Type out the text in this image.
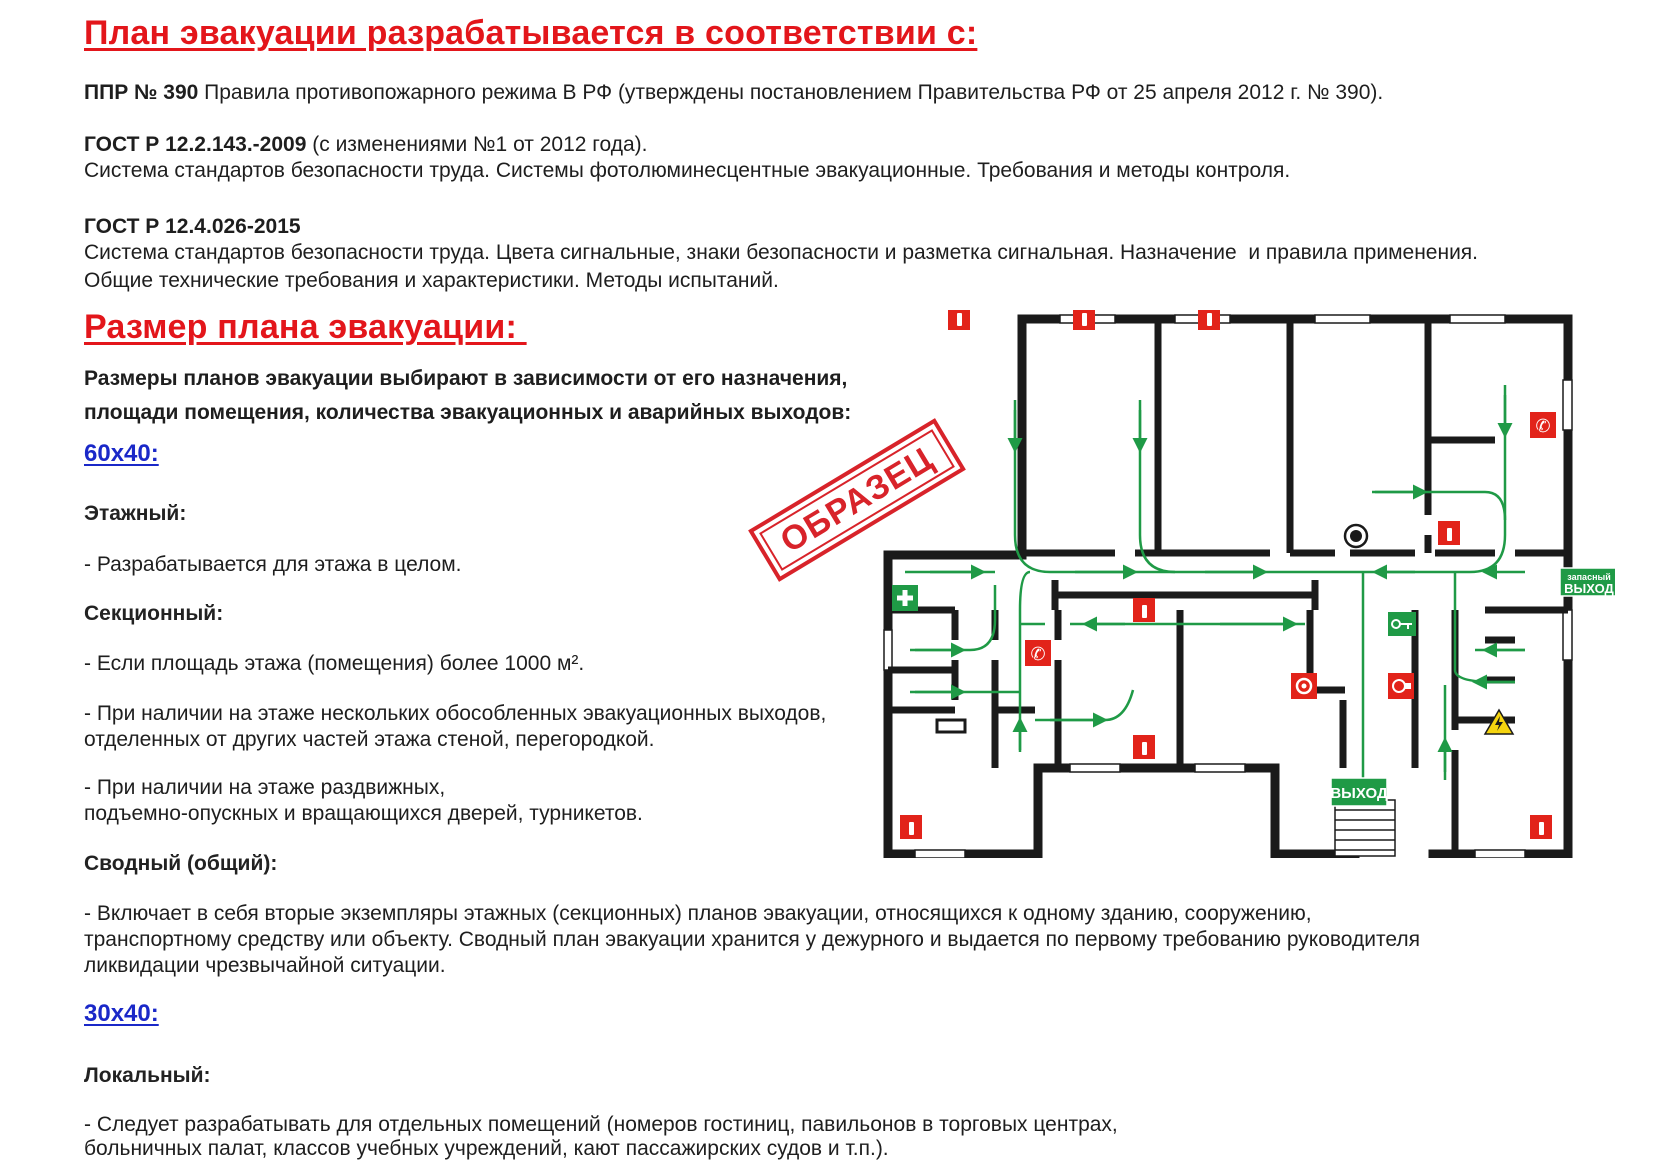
План эвакуации разрабатывается в соответствии с:
ППР № 390 Правила противопожарного режима В РФ (утверждены постановлением Правительства РФ от 25 апреля 2012 г. № 390).
ГОСТ Р 12.2.143.-2009 (с изменениями №1 от 2012 года).
Система стандартов безопасности труда. Системы фотолюминесцентные эвакуационные. Требования и методы контроля.
ГОСТ Р 12.4.026-2015
Система стандартов безопасности труда. Цвета сигнальные, знаки безопасности и разметка сигнальная. Назначение  и правила применения.
Общие технические требования и характеристики. Методы испытаний.
Размер плана эвакуации:
Размеры планов эвакуации выбирают в зависимости от его назначения,
площади помещения, количества эвакуационных и аварийных выходов:
60x40:
Этажный:
- Разрабатывается для этажа в целом.
Секционный:
- Если площадь этажа (помещения) более 1000 м².
- При наличии на этаже нескольких обособленных эвакуационных выходов,
отделенных от других частей этажа стеной, перегородкой.
- При наличии на этаже раздвижных,
подъемно-опускных и вращающихся дверей, турникетов.
Сводный (общий):
- Включает в себя вторые экземпляры этажных (секционных) планов эвакуации, относящихся к одному зданию, сооружению,
транспортному средству или объекту. Сводный план эвакуации хранится у дежурного и выдается по первому требованию руководителя
ликвидации чрезвычайной ситуации.
30x40:
Локальный:
- Следует разрабатывать для отдельных помещений (номеров гостиниц, павильонов в торговых центрах,
больничных палат, классов учебных учреждений, кают пассажирских судов и т.п.).
✆
✆
ВЫХОД
запасный
ВЫХОД
ОБРАЗЕЦ
